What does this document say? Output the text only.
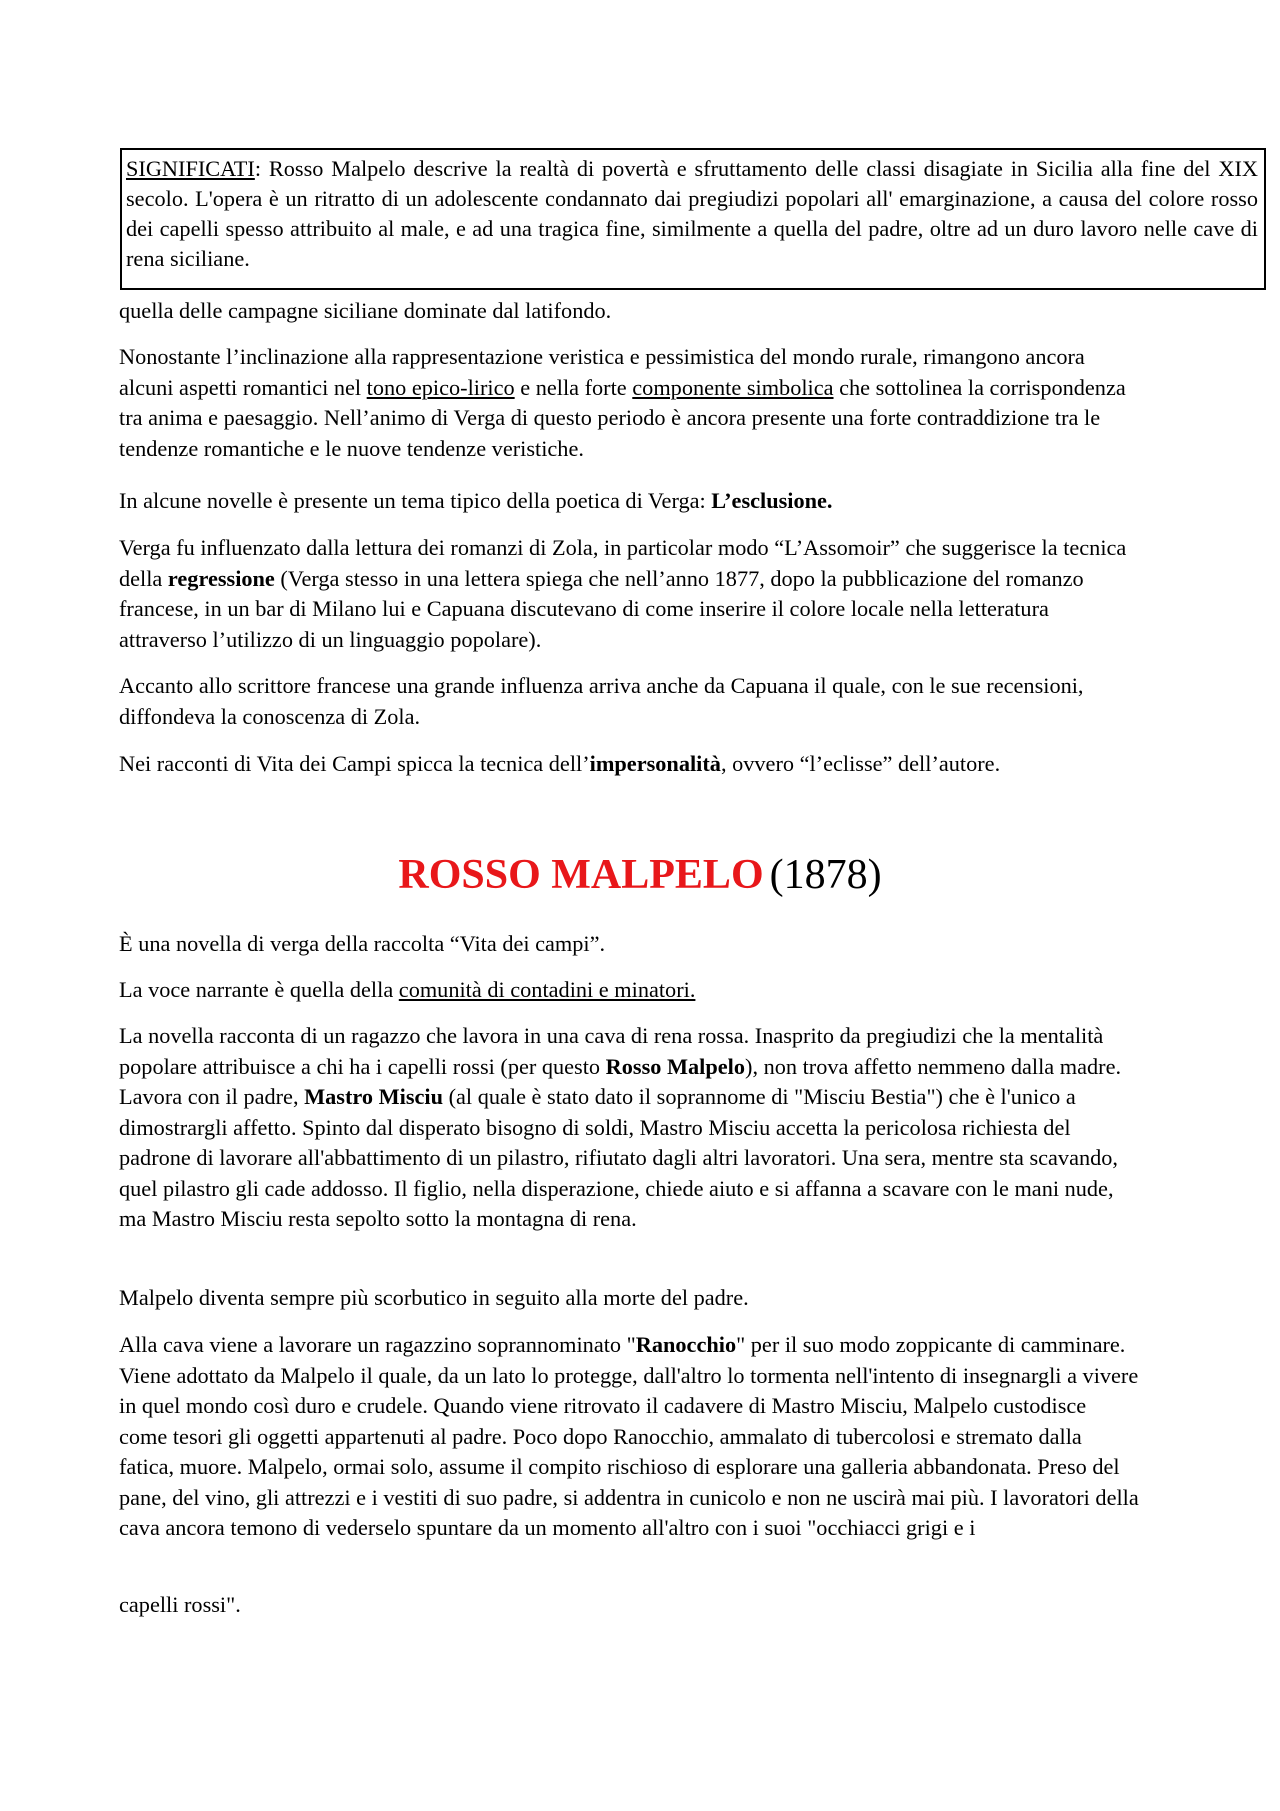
SIGNIFICATI: Rosso Malpelo descrive la realtà di povertà e sfruttamento delle classi disagiate in Sicilia alla fine del XIX secolo. L'opera è un ritratto di un adolescente condannato dai pregiudizi popolari all' emarginazione, a causa del colore rosso dei capelli spesso attribuito al male, e ad una tragica fine, similmente a quella del padre, oltre ad un duro lavoro nelle cave di rena siciliane.

quella delle campagne siciliane dominate dal latifondo.

Nonostante l’inclinazione alla rappresentazione veristica e pessimistica del mondo rurale, rimangono ancora alcuni aspetti romantici nel tono epico-lirico e nella forte componente simbolica che sottolinea la corrispondenza tra anima e paesaggio. Nell’animo di Verga di questo periodo è ancora presente una forte contraddizione tra le tendenze romantiche e le nuove tendenze veristiche.

In alcune novelle è presente un tema tipico della poetica di Verga: L’esclusione.

Verga fu influenzato dalla lettura dei romanzi di Zola, in particolar modo “L’Assomoir” che suggerisce la tecnica della regressione (Verga stesso in una lettera spiega che nell’anno 1877, dopo la pubblicazione del romanzo francese, in un bar di Milano lui e Capuana discutevano di come inserire il colore locale nella letteratura attraverso l’utilizzo di un linguaggio popolare).

Accanto allo scrittore francese una grande influenza arriva anche da Capuana il quale, con le sue recensioni, diffondeva la conoscenza di Zola.

Nei racconti di Vita dei Campi spicca la tecnica dell’impersonalità, ovvero “l’eclisse” dell’autore.

ROSSO MALPELO (1878)

È una novella di verga della raccolta “Vita dei campi”.

La voce narrante è quella della comunità di contadini e minatori.

La novella racconta di un ragazzo che lavora in una cava di rena rossa. Inasprito da pregiudizi che la mentalità popolare attribuisce a chi ha i capelli rossi (per questo Rosso Malpelo), non trova affetto nemmeno dalla madre. Lavora con il padre, Mastro Misciu (al quale è stato dato il soprannome di "Misciu Bestia") che è l'unico a dimostrargli affetto. Spinto dal disperato bisogno di soldi, Mastro Misciu accetta la pericolosa richiesta del padrone di lavorare all'abbattimento di un pilastro, rifiutato dagli altri lavoratori. Una sera, mentre sta scavando, quel pilastro gli cade addosso. Il figlio, nella disperazione, chiede aiuto e si affanna a scavare con le mani nude, ma Mastro Misciu resta sepolto sotto la montagna di rena.

Malpelo diventa sempre più scorbutico in seguito alla morte del padre.

Alla cava viene a lavorare un ragazzino soprannominato "Ranocchio" per il suo modo zoppicante di camminare. Viene adottato da Malpelo il quale, da un lato lo protegge, dall'altro lo tormenta nell'intento di insegnargli a vivere in quel mondo così duro e crudele. Quando viene ritrovato il cadavere di Mastro Misciu, Malpelo custodisce come tesori gli oggetti appartenuti al padre. Poco dopo Ranocchio, ammalato di tubercolosi e stremato dalla fatica, muore. Malpelo, ormai solo, assume il compito rischioso di esplorare una galleria abbandonata. Preso del pane, del vino, gli attrezzi e i vestiti di suo padre, si addentra in cunicolo e non ne uscirà mai più. I lavoratori della cava ancora temono di vederselo spuntare da un momento all'altro con i suoi "occhiacci grigi e i

capelli rossi".
